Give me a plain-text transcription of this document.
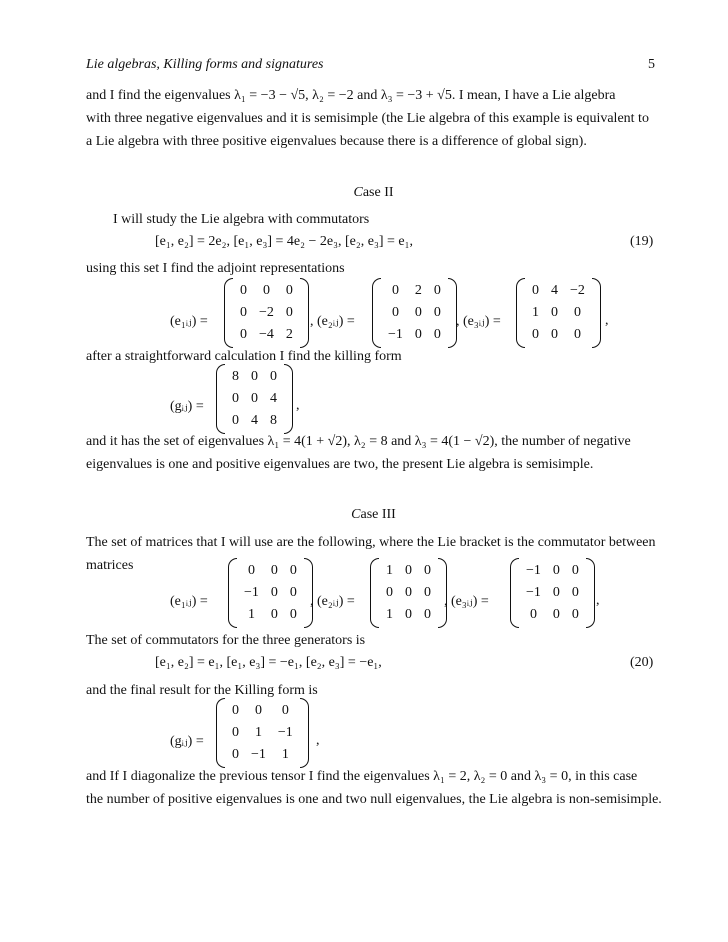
Lie algebras, Killing forms and signatures	5
and I find the eigenvalues λ₁ = −3 − √5, λ₂ = −2 and λ₃ = −3 + √5. I mean, I have a Lie algebra
with three negative eigenvalues and it is semisimple (the Lie algebra of this example is equivalent to
a Lie algebra with three positive eigenvalues because there is a difference of global sign).
Case II
I will study the Lie algebra with commutators
[e₁, e₂] = 2e₂, [e₁, e₃] = 4e₂ − 2e₃, [e₂, e₃] = e₁,	(19)
using this set I find the adjoint representations
(e₁ᵢⱼ) =
0	0	0
0	−2	0
0	−4	2
, (e₂ᵢⱼ) =
0	2	0
0	0	0
−1	0	0
, (e₃ᵢⱼ) =
0	4	−2
1	0	0
0	0	0
,
after a straightforward calculation I find the killing form
(gᵢⱼ) =
8	0	0
0	0	4
0	4	8
,
and it has the set of eigenvalues λ₁ = 4(1 + √2), λ₂ = 8 and λ₃ = 4(1 − √2), the number of negative
eigenvalues is one and positive eigenvalues are two, the present Lie algebra is semisimple.
Case III
The set of matrices that I will use are the following, where the Lie bracket is the commutator between
matrices
(e₁ᵢⱼ) =
0	0	0
−1	0	0
1	0	0
, (e₂ᵢⱼ) =
1	0	0
0	0	0
1	0	0
, (e₃ᵢⱼ) =
−1	0	0
−1	0	0
0	0	0
,
The set of commutators for the three generators is
[e₁, e₂] = e₁, [e₁, e₃] = −e₁, [e₂, e₃] = −e₁,	(20)
and the final result for the Killing form is
(gᵢⱼ) =
0	0	0
0	1	−1
0	−1	1
,
and If I diagonalize the previous tensor I find the eigenvalues λ₁ = 2, λ₂ = 0 and λ₃ = 0, in this case
the number of positive eigenvalues is one and two null eigenvalues, the Lie algebra is non-semisimple.
